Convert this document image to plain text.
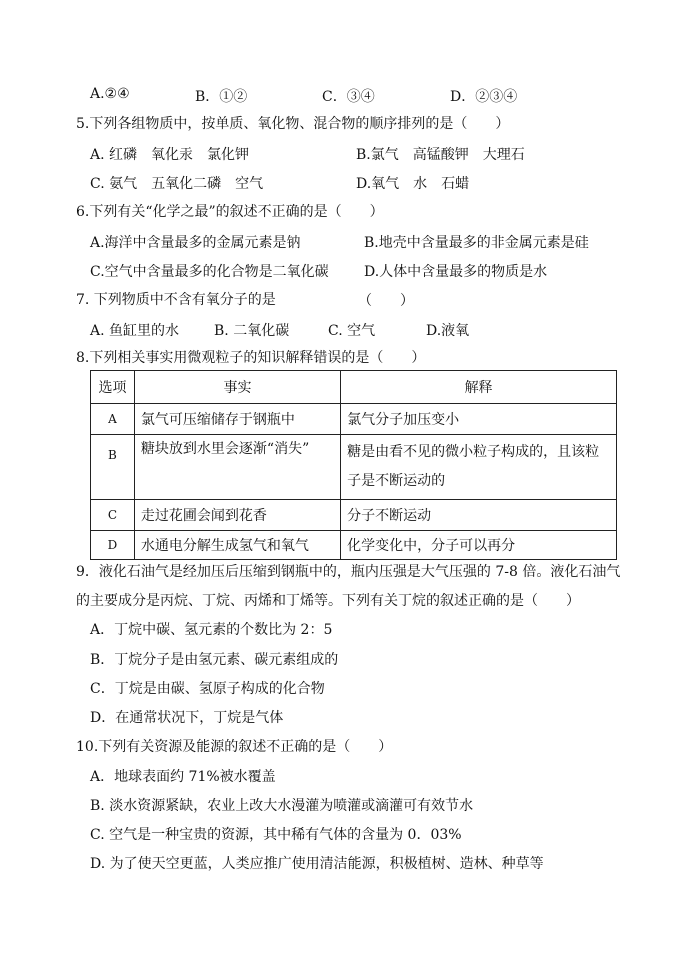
A.②④	B．①②	C．③④	D．②③④
5.下列各组物质中，按单质、氧化物、混合物的顺序排列的是（　　）
A. 红磷　氧化汞　氯化钾	B.氯气　高锰酸钾　大理石
C. 氨气　五氧化二磷　空气	D.氧气　水　石蜡
6.下列有关“化学之最”的叙述不正确的是（　　）
A.海洋中含量最多的金属元素是钠	B.地壳中含量最多的非金属元素是硅
C.空气中含量最多的化合物是二氧化碳	D.人体中含量最多的物质是水
7. 下列物质中不含有氧分子的是	（　　）
A. 鱼缸里的水 B. 二氧化碳	C. 空气	D.液氧
8.下列相关事实用微观粒子的知识解释错误的是（　　）
选项	事实	解释
A	氯气可压缩储存于钢瓶中	氯气分子加压变小
B	糖块放到水里会逐渐“消失”	糖是由看不见的微小粒子构成的，且该粒
子是不断运动的

C	走过花圃会闻到花香	分子不断运动
D	水通电分解生成氢气和氧气	化学变化中，分子可以再分
9．液化石油气是经加压后压缩到钢瓶中的，瓶内压强是大气压强的 7-8 倍。液化石油气
的主要成分是丙烷、丁烷、丙烯和丁烯等。下列有关丁烷的叙述正确的是（　　）
A．丁烷中碳、氢元素的个数比为 2：5
B．丁烷分子是由氢元素、碳元素组成的
C．丁烷是由碳、氢原子构成的化合物
D．在通常状况下，丁烷是气体
10.下列有关资源及能源的叙述不正确的是（　　）
A．地球表面约 71%被水覆盖
B. 淡水资源紧缺，农业上改大水漫灌为喷灌或滴灌可有效节水
C. 空气是一种宝贵的资源，其中稀有气体的含量为 0．03%
D. 为了使天空更蓝，人类应推广使用清洁能源，积极植树、造林、种草等
